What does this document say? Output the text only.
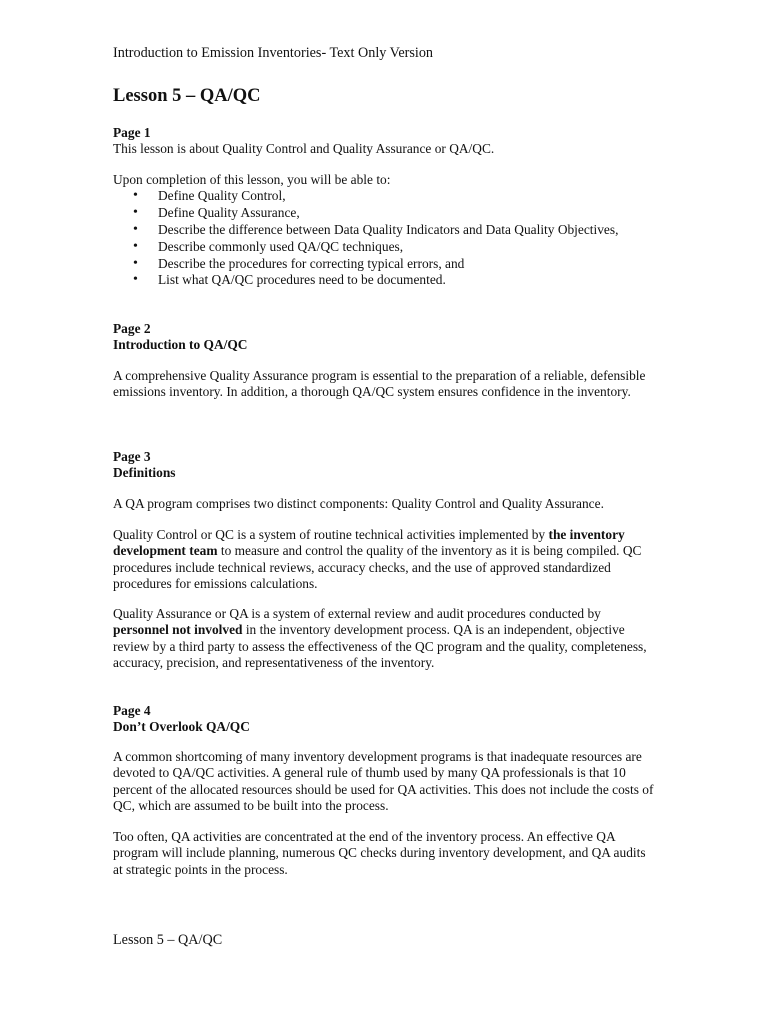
Introduction to Emission Inventories- Text Only Version
Lesson 5 – QA/QC

Page 1

This lesson is about Quality Control and Quality Assurance or QA/QC.

Upon completion of this lesson, you will be able to:

• Define Quality Control,
• Define Quality Assurance,
• Describe the difference between Data Quality Indicators and Data Quality Objectives,
• Describe commonly used QA/QC techniques,
• Describe the procedures for correcting typical errors, and
• List what QA/QC procedures need to be documented.

Page 2

Introduction to QA/QC

A comprehensive Quality Assurance program is essential to the preparation of a reliable, defensible emissions inventory. In addition, a thorough QA/QC system ensures confidence in the inventory.

Page 3

Definitions

A QA program comprises two distinct components: Quality Control and Quality Assurance.

Quality Control or QC is a system of routine technical activities implemented by the inventory development team to measure and control the quality of the inventory as it is being compiled. QC procedures include technical reviews, accuracy checks, and the use of approved standardized procedures for emissions calculations.

Quality Assurance or QA is a system of external review and audit procedures conducted by personnel not involved in the inventory development process. QA is an independent, objective review by a third party to assess the effectiveness of the QC program and the quality, completeness, accuracy, precision, and representativeness of the inventory.

Page 4

Don’t Overlook QA/QC

A common shortcoming of many inventory development programs is that inadequate resources are devoted to QA/QC activities. A general rule of thumb used by many QA professionals is that 10 percent of the allocated resources should be used for QA activities. This does not include the costs of QC, which are assumed to be built into the process.

Too often, QA activities are concentrated at the end of the inventory process. An effective QA program will include planning, numerous QC checks during inventory development, and QA audits at strategic points in the process.

Lesson 5 – QA/QC
